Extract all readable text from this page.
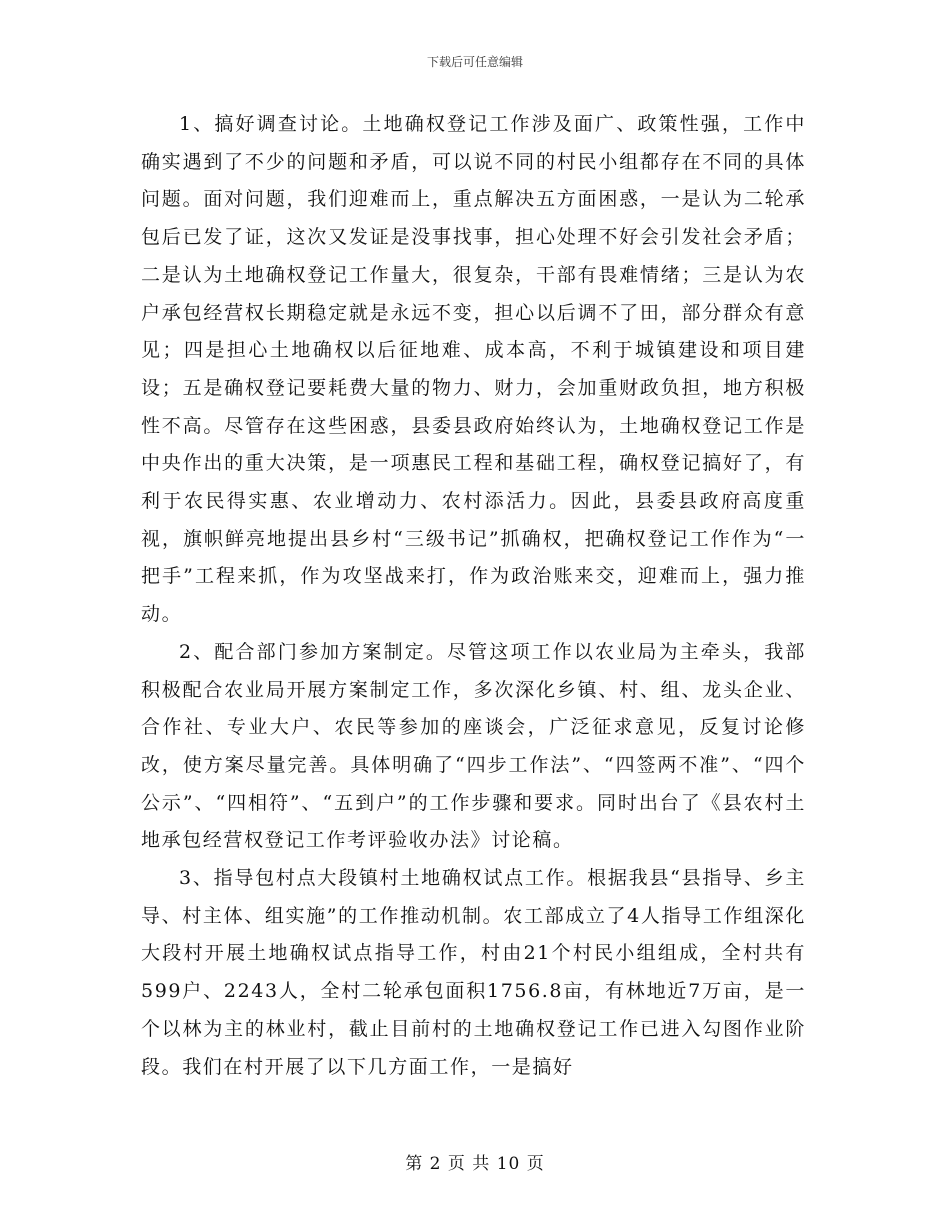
下载后可任意编辑

1、搞好调查讨论。土地确权登记工作涉及面广、政策性强，工作中确实遇到了不少的问题和矛盾，可以说不同的村民小组都存在不同的具体问题。面对问题，我们迎难而上，重点解决五方面困惑，一是认为二轮承包后已发了证，这次又发证是没事找事，担心处理不好会引发社会矛盾；二是认为土地确权登记工作量大，很复杂，干部有畏难情绪；三是认为农户承包经营权长期稳定就是永远不变，担心以后调不了田，部分群众有意见；四是担心土地确权以后征地难、成本高，不利于城镇建设和项目建设；五是确权登记要耗费大量的物力、财力，会加重财政负担，地方积极性不高。尽管存在这些困惑，县委县政府始终认为，土地确权登记工作是中央作出的重大决策，是一项惠民工程和基础工程，确权登记搞好了，有利于农民得实惠、农业增动力、农村添活力。因此，县委县政府高度重视，旗帜鲜亮地提出县乡村“三级书记”抓确权，把确权登记工作作为“一把手”工程来抓，作为攻坚战来打，作为政治账来交，迎难而上，强力推动。

2、配合部门参加方案制定。尽管这项工作以农业局为主牵头，我部积极配合农业局开展方案制定工作，多次深化乡镇、村、组、龙头企业、合作社、专业大户、农民等参加的座谈会，广泛征求意见，反复讨论修改，使方案尽量完善。具体明确了“四步工作法”、“四签两不准”、“四个公示”、“四相符”、“五到户”的工作步骤和要求。同时出台了《县农村土地承包经营权登记工作考评验收办法》讨论稿。

3、指导包村点大段镇村土地确权试点工作。根据我县“县指导、乡主导、村主体、组实施”的工作推动机制。农工部成立了4人指导工作组深化大段村开展土地确权试点指导工作，村由21个村民小组组成，全村共有599户、2243人，全村二轮承包面积1756.8亩，有林地近7万亩，是一个以林为主的林业村，截止目前村的土地确权登记工作已进入勾图作业阶段。我们在村开展了以下几方面工作，一是搞好

第 2 页 共 10 页
